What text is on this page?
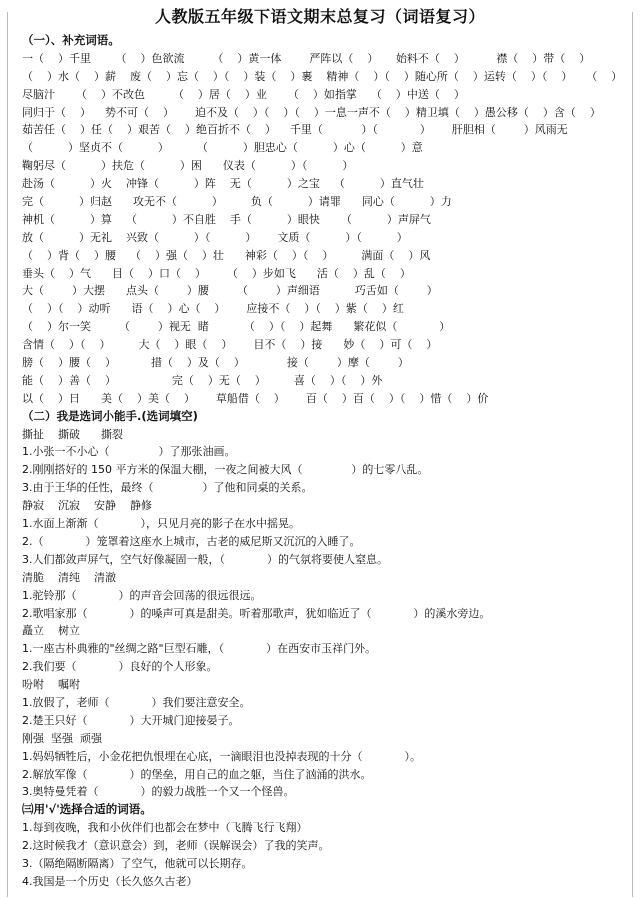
人教版五年级下语文期末总复习（词语复习）
（一）、补充词语。
一（    ）千里       （    ）色欲流        （    ）黄一体        严阵以（    ）     始料不（    ）         襟（    ）带（    ）
（    ）水（    ）薪    废（    ）忘（    ）（    ）装（    ）裹    精神（    ）（    ）随心所（    ）运转（    ）（    ）    （    ）
尽脑汁      （    ）不改色        （    ）居（    ）业      （    ）如指掌    （    ）中送（    ）
同归于（    ）    势不可（    ）      迫不及（    ）（    ）（    ）一息一声不（    ）精卫填（    ）愚公移（    ）含（    ）
茹苦任（    ）任（    ）艰苦（    ）绝百折不（    ）    千里（           ）（            ）      肝胆相（        ）风雨无
（          ）坚贞不（          ）        （          ）胆忠心（          ）心（          ）意
鞠躬尽（          ）扶危（          ）困      仪表（          ）（          ）
赴汤（          ）火    冲锋（          ）阵    无（          ）之宝    （          ）直气壮
完（          ）归赵      攻无不（          ）        负（          ）请罪      同心（          ）力
神机（          ）算    （          ）不自胜    手（          ）眼快      （          ）声屏气
放（          ）无礼    兴致（          ）（          ）      文质（          ）（          ）
（    ）背（    ）腰    （    ）强（    ）壮      神彩（    ）（    ）        满面（    ）风
垂头（    ）气      目（    ）口（    ）      （    ）步如飞      活（    ）乱（    ）
大（        ）大摆      点头（        ）腰        （        ）声细语          巧舌如（        ）
（    ）（    ）动听      语（    ）心（    ）      应接不（    ）（    ）紫（    ）红
（    ）尔一笑        （        ）视无  睹          （    ）（    ）起舞      繁花似（            ）
含情（    ）（    ）        大（    ）眼（    ）      目不（    ）接      妙（    ）可（    ）
膀（    ）腰（    ）          措（    ）及（    ）            接（        ）摩（        ）
能（    ）善（    ）                完（    ）无（    ）        喜（    ）（    ）外
以（    ）日      美（    ）美（    ）      草船借（    ）      百（    ）百（    ）（    ）惜（    ）价
（二）我是选词小能手.(选词填空)
撕扯    撕破      撕裂
1.小张一不小心（              ）了那张油画。
2.刚刚搭好的 150 平方米的保温大棚，一夜之间被大风（              ）的七零八乱。
3.由于王华的任性，最终（              ）了他和同桌的关系。
静寂    沉寂    安静    静修
1.水面上渐渐（            ），只见月亮的影子在水中摇晃。
2.（            ）笼罩着这座水上城市，古老的威尼斯又沉沉的入睡了。
3.人们都敛声屏气，空气好像凝固一般，（            ）的气氛将要使人窒息。
清脆    清纯    清澈
1.驼铃那（            ）的声音会回荡的很远很远。
2.歌唱家那（            ）的嗓声可真是甜美。听着那歌声，犹如临近了（            ）的溪水旁边。
矗立    树立
1.一座古朴典雅的"丝绸之路"巨型石雕，（            ）在西安市玉祥门外。
2.我们要（            ）良好的个人形象。
吩咐    嘱咐
1.放假了，老师（            ）我们要注意安全。
2.楚王只好（            ）大开城门迎接晏子。
刚强  坚强  顽强
1.妈妈牺牲后，小金花把仇恨埋在心底，一滴眼泪也没掉表现的十分（            ）。
2.解放军像（            ）的堡垒，用自己的血之躯，当住了汹涌的洪水。
3.奥特曼凭着（            ）的毅力战胜一个又一个怪兽。
㈢用'√'选择合适的词语。
1.每到夜晚，我和小伙伴们也都会在梦中（飞腾飞行飞翔）
2.这时候我才（意识意会）到，老师（误解误会）了我的笑声。
3.（隔绝隔断隔离）了空气，他就可以长期存。
4.我国是一个历史（长久悠久古老）
